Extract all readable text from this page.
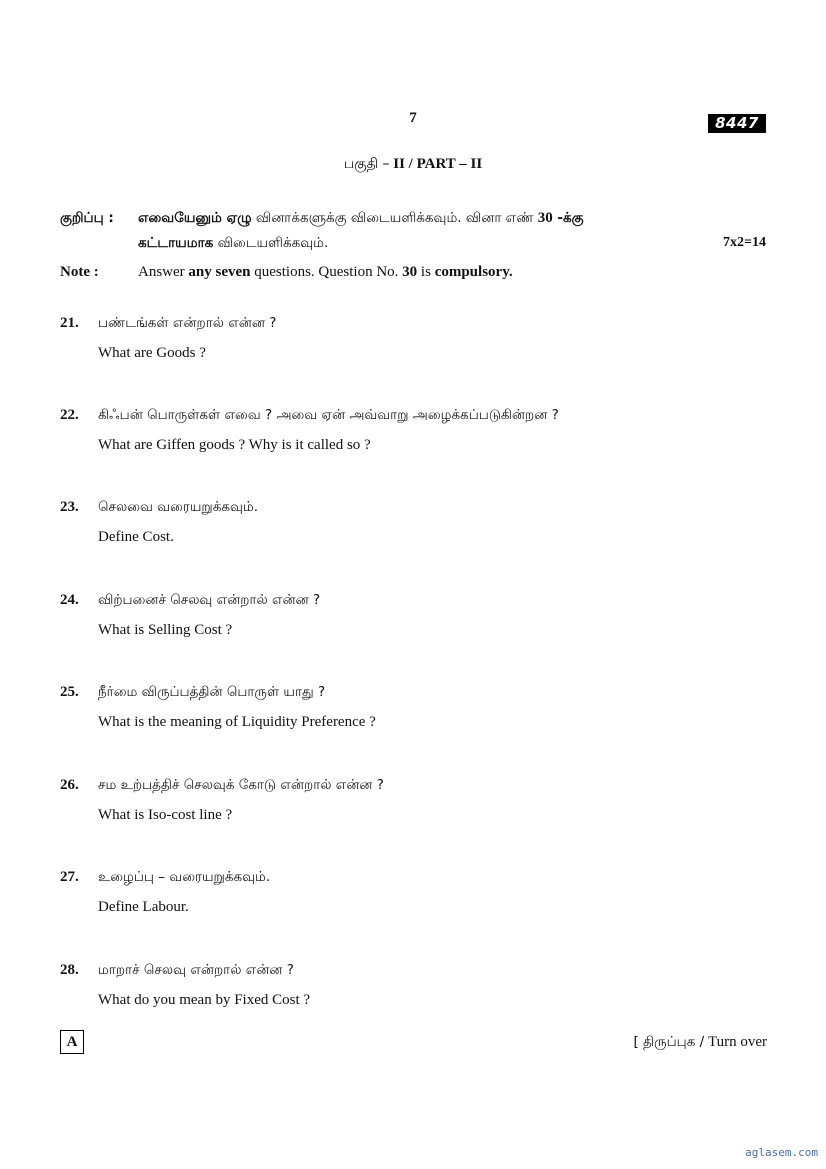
7	8447
பகுதி – II / PART – II
குறிப்பு : எவையேனும் ஏழு வினாக்களுக்கு விடையளிக்கவும். வினா எண் 30 -க்கு
கட்டாயமாக விடையளிக்கவும்.	7x2=14
Note :	Answer any seven questions. Question No. 30 is compulsory.
21. பண்டங்கள் என்றால் என்ன ?
What are Goods ?
22. கிஃபன் பொருள்கள் எவை ? அவை ஏன் அவ்வாறு அழைக்கப்படுகின்றன ?
What are Giffen goods ? Why is it called so ?
23. செலவை வரையறுக்கவும்.
Define Cost.
24. விற்பனைச் செலவு என்றால் என்ன ?
What is Selling Cost ?
25. நீர்மை விருப்பத்தின் பொருள் யாது ?
What is the meaning of Liquidity Preference ?
26. சம உற்பத்திச் செலவுக் கோடு என்றால் என்ன ?
What is Iso-cost line ?
27. உழைப்பு – வரையறுக்கவும்.
Define Labour.
28. மாறாச் செலவு என்றால் என்ன ?
What do you mean by Fixed Cost ?
A	[ திருப்புக / Turn over
aglasem.com
